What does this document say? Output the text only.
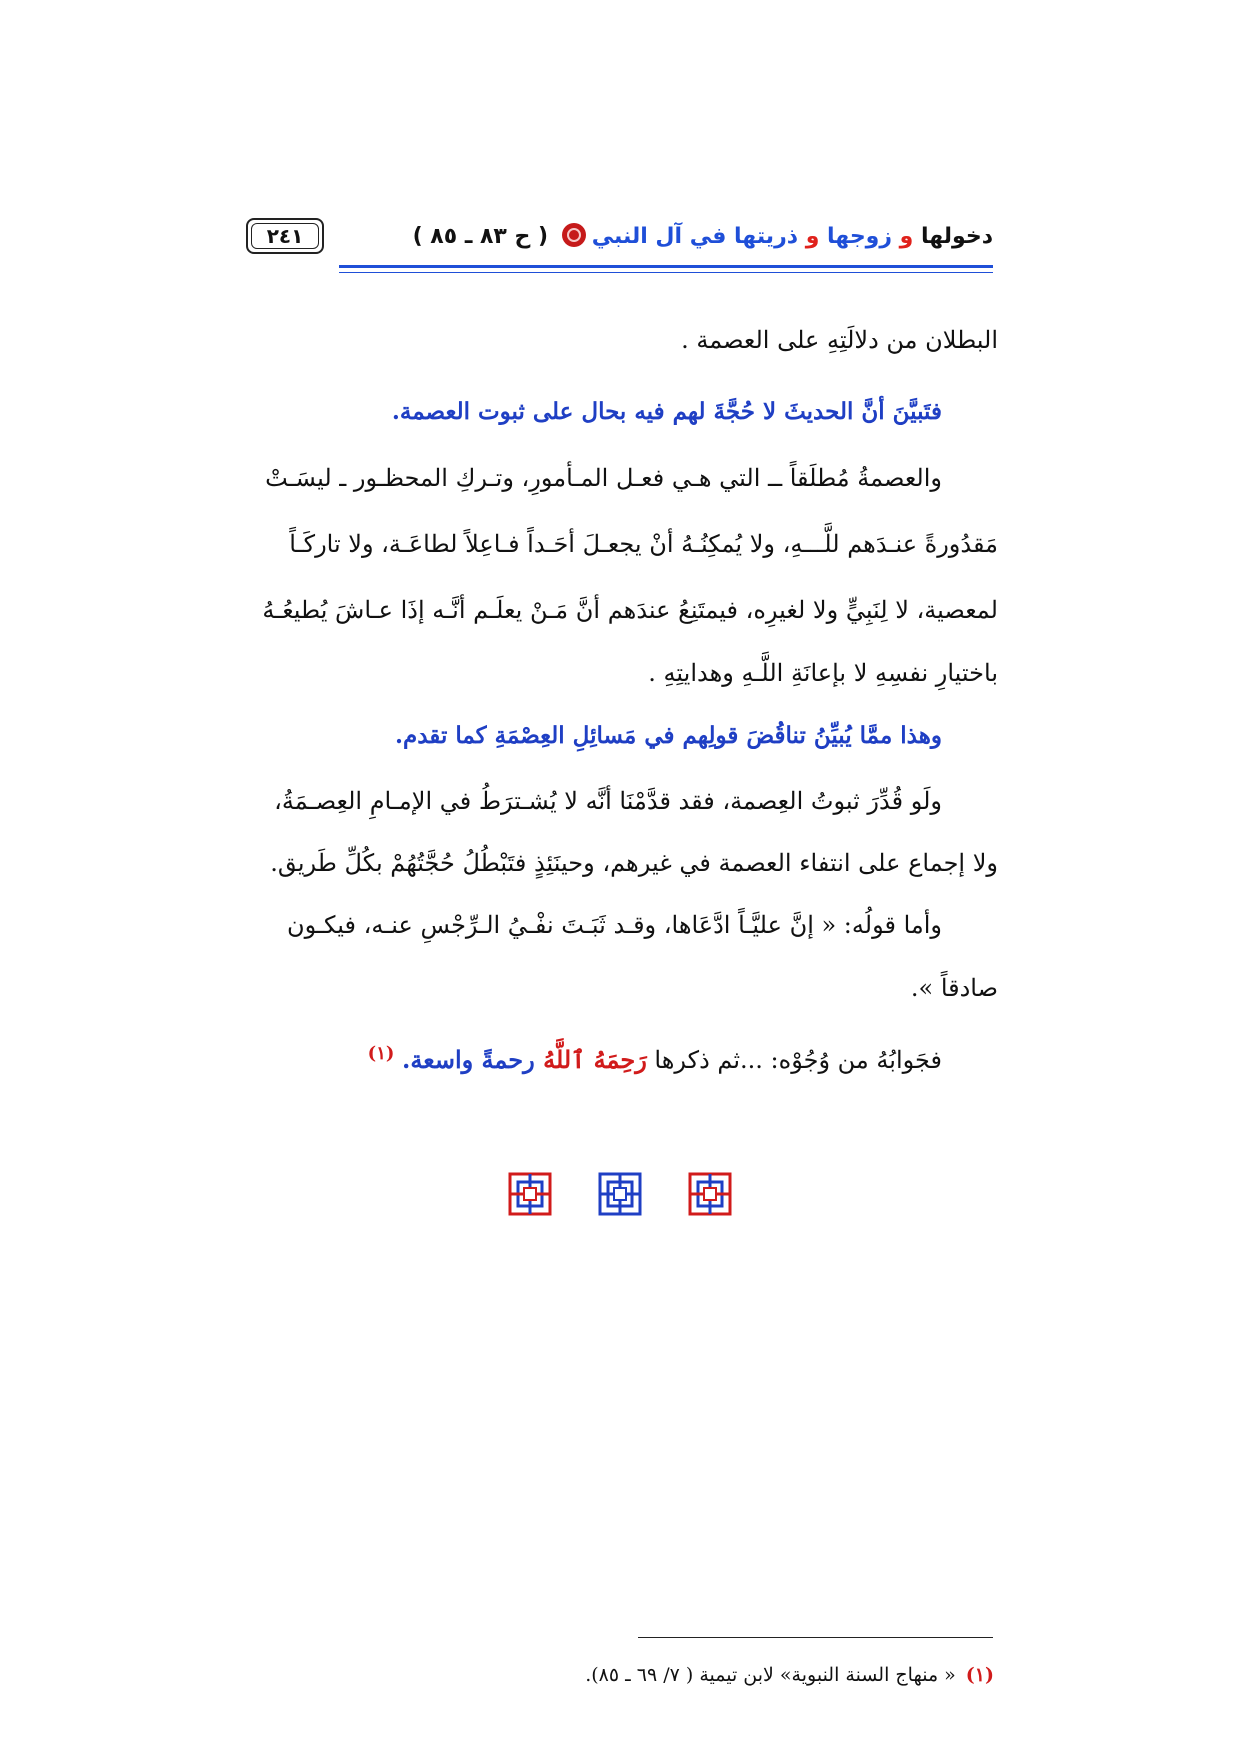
دخولها و زوجها و ذريتها في آل النبي ( ح ٨٣ ـ ٨٥ )
٢٤١
البطلان من دلالَتِهِ على العصمة .
فتَبيَّنَ أنَّ الحديثَ لا حُجَّةَ لهم فيه بحال على ثبوت العصمة.
والعصمةُ مُطلَقاً ــ التي هـي فعـل المـأمورِ، وتـركِ المحظـور ـ ليسَـتْ
مَقدُورةً عنـدَهم للَّـــهِ، ولا يُمكِنُـهُ أنْ يجعـلَ أحَـداً فـاعِلاً لطاعَـة، ولا تاركَـاً
لمعصية، لا لِنَبِيٍّ ولا لغيرِه، فيمتَنِعُ عندَهم أنَّ مَـنْ يعلَـم أنَّـه إذَا عـاشَ يُطيعُـهُ
باختيارِ نفسِهِ لا بإعانَةِ اللَّـهِ وهدايتِهِ .
وهذا ممَّا يُبيِّنُ تناقُضَ قولِهم في مَسائِلِ العِصْمَةِ كما تقدم.
ولَو قُدِّرَ ثبوتُ العِصمة، فقد قدَّمْنَا أنَّه لا يُشـترَطُ في الإمـامِ العِصـمَةُ،
ولا إجماع على انتفاء العصمة في غيرهم، وحينَئِذٍ فتَبْطُلُ حُجَّتُهُمْ بكُلِّ طَريق.
وأما قولُه: « إنَّ عليَّـاً ادَّعَاها، وقـد ثَبَـتَ نفْـيُ الـرِّجْسِ عنـه، فيكـون
صادقاً ».
فجَوابُهُ من وُجُوْه: ...ثم ذكرها رَحِمَهُ ٱللَّهُ رحمةً واسعة. $^{(١)}$
(١)« منهاج السنة النبوية» لابن تيمية ( ٧/ ٦٩ ـ ٨٥).
